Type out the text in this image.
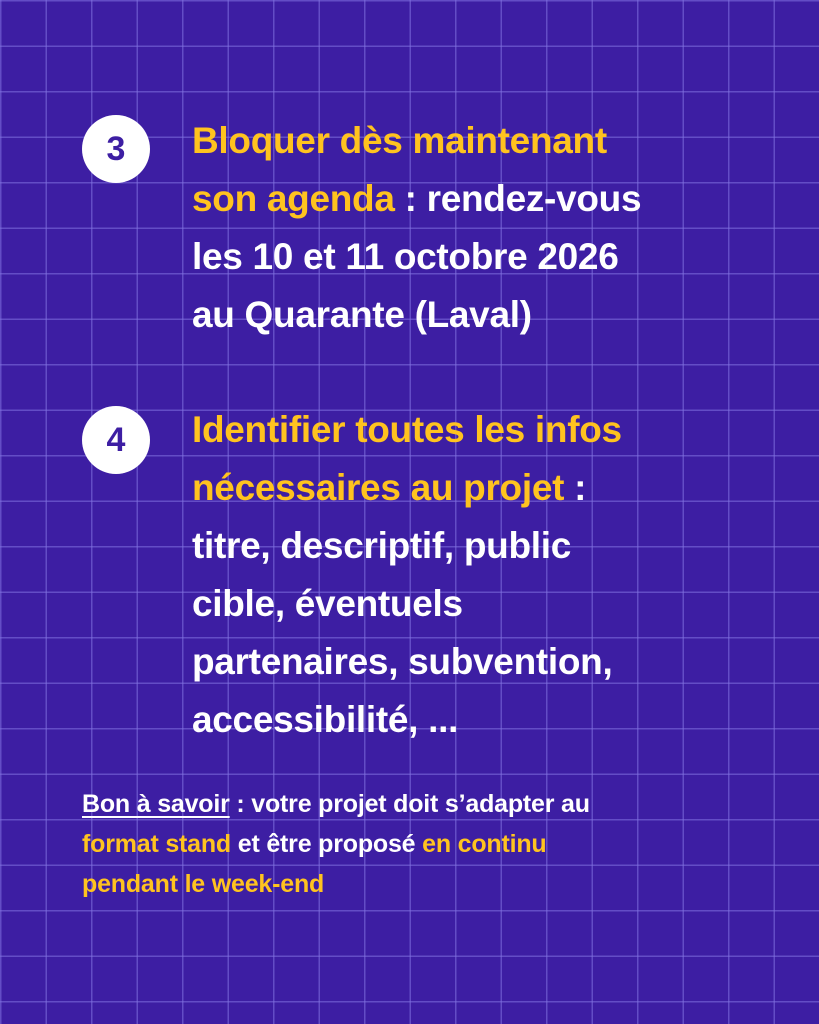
3	Bloquer dès maintenant
son agenda : rendez-vous
les 10 et 11 octobre 2026
au Quarante (Laval)
4	Identifier toutes les infos
nécessaires au projet :
titre, descriptif, public
cible, éventuels
partenaires, subvention,
accessibilité, ...
Bon à savoir : votre projet doit s’adapter au
format stand et être proposé en continu
pendant le week-end
